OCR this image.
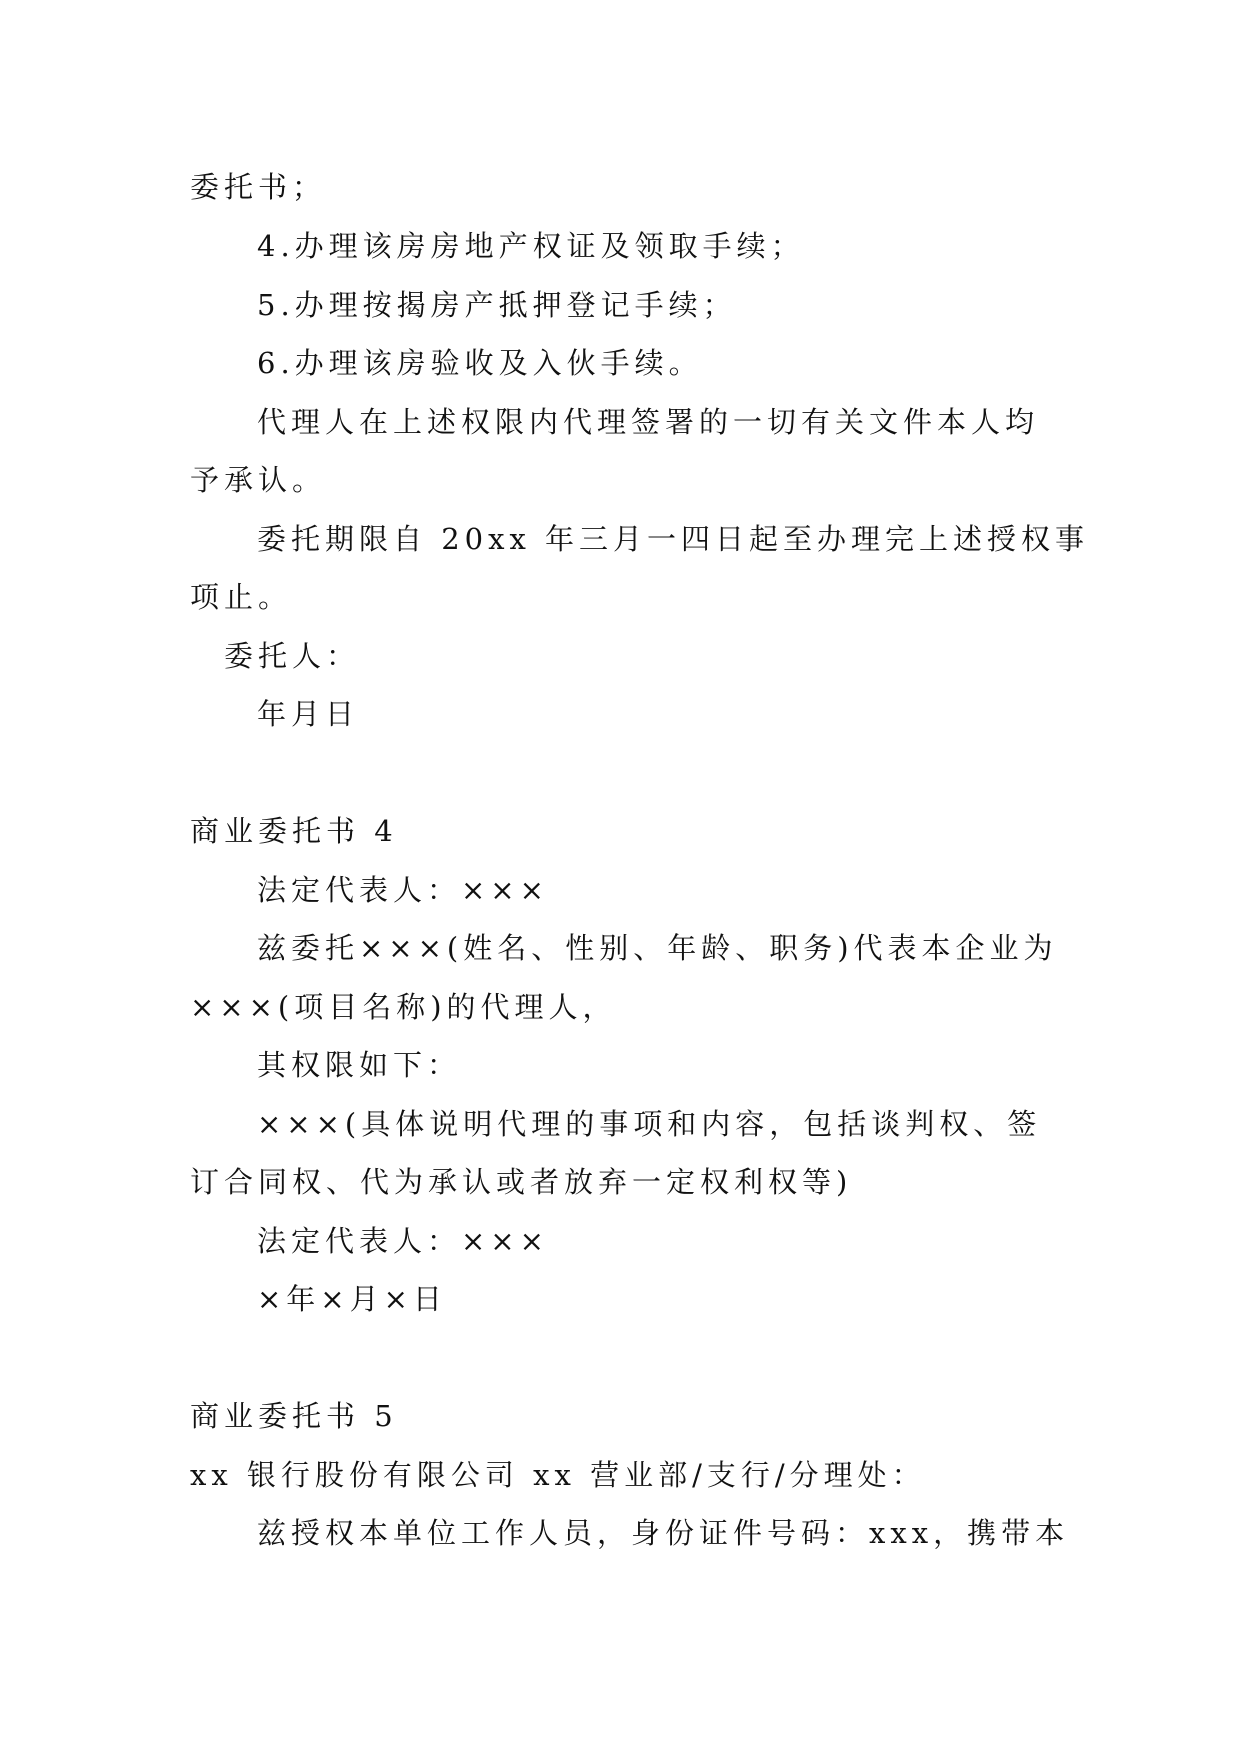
委托书；

4.办理该房房地产权证及领取手续；

5.办理按揭房产抵押登记手续；

6.办理该房验收及入伙手续。

代理人在上述权限内代理签署的一切有关文件本人均

予承认。

委托期限自 20xx 年三月一四日起至办理完上述授权事

项止。

委托人：

年月日

商业委托书 4

法定代表人：×××

兹委托×××(姓名、性别、年龄、职务)代表本企业为

×××(项目名称)的代理人，

其权限如下：

×××(具体说明代理的事项和内容，包括谈判权、签

订合同权、代为承认或者放弃一定权利权等)

法定代表人：×××

×年×月×日

商业委托书 5

xx 银行股份有限公司 xx 营业部/支行/分理处：

兹授权本单位工作人员，身份证件号码：xxx，携带本
